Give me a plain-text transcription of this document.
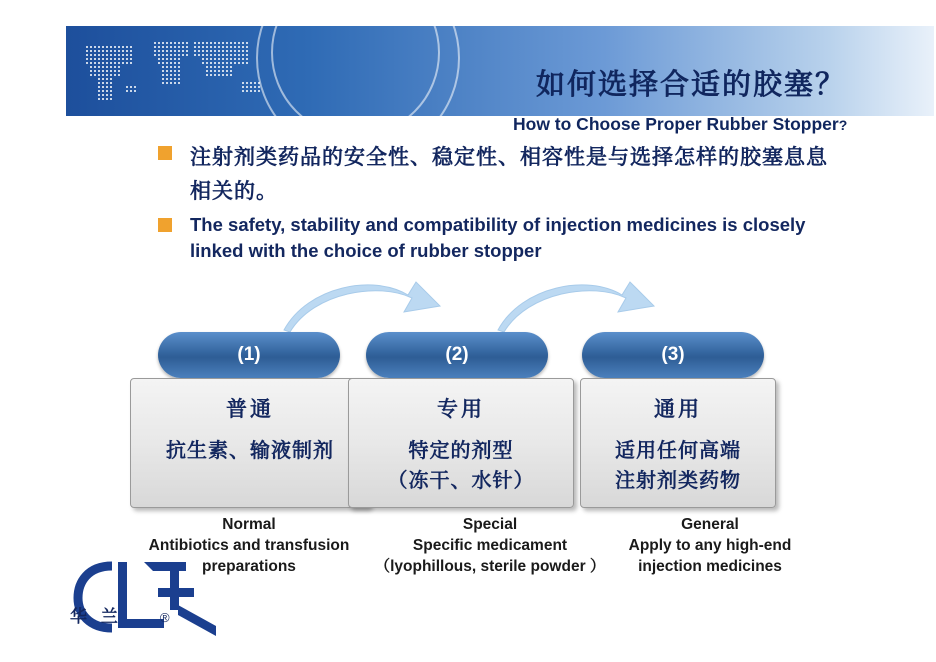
如何选择合适的胶塞？
How to Choose Proper Rubber Stopper?
注射剂类药品的安全性、稳定性、相容性是与选择怎样的胶塞息息相关的。
The safety, stability and compatibility of injection medicines is closely linked with the choice of rubber stopper
(1)	(2)	(3)
普通
抗生素、输液制剂
专用
特定的剂型
（冻干、水针）
通用
适用任何高端
注射剂类药物
Normal
Antibiotics and transfusion preparations
Special
Specific medicament
（lyophillous, sterile powder ）
General
Apply to any high-end
injection medicines
华 兰	®
